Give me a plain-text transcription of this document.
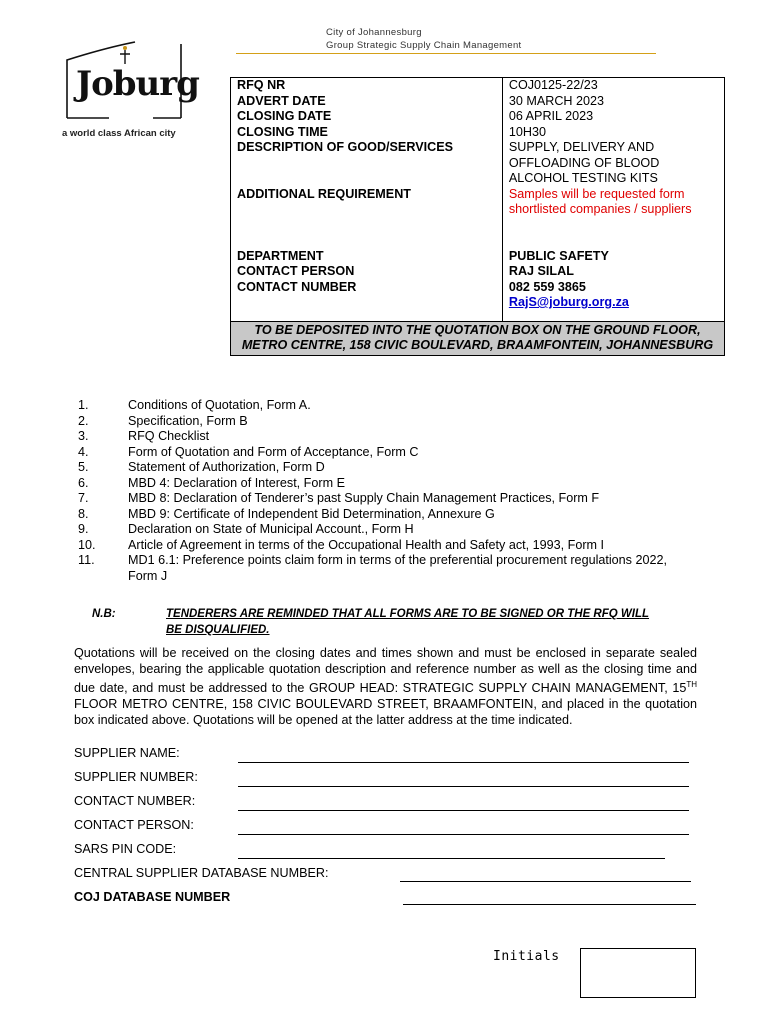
City of Johannesburg
Group Strategic Supply Chain Management
Joburg
a world class African city
RFQ NR	COJ0125-22/23
ADVERT DATE	30 MARCH 2023
CLOSING DATE	06 APRIL 2023
CLOSING TIME	10H30
DESCRIPTION OF GOOD/SERVICES	SUPPLY, DELIVERY AND OFFLOADING OF BLOOD ALCOHOL TESTING KITS
ADDITIONAL REQUIREMENT	Samples will be requested form shortlisted companies / suppliers
DEPARTMENT	PUBLIC SAFETY
CONTACT PERSON	RAJ SILAL
CONTACT NUMBER	082 559 3865
RajS@joburg.org.za

TO BE DEPOSITED INTO THE QUOTATION BOX ON THE GROUND FLOOR, METRO CENTRE, 158 CIVIC BOULEVARD, BRAAMFONTEIN, JOHANNESBURG	
1.	Conditions of Quotation, Form A.
2.	Specification, Form B
3.	RFQ Checklist
4.	Form of Quotation and Form of Acceptance, Form C
5.	Statement of Authorization, Form D
6.	MBD 4: Declaration of Interest, Form E
7.	MBD 8: Declaration of Tenderer’s past Supply Chain Management Practices, Form F
8.	MBD 9: Certificate of Independent Bid Determination, Annexure G
9.	Declaration on State of Municipal Account., Form H
10.	Article of Agreement in terms of the Occupational Health and Safety act, 1993, Form I
11.	MD1 6.1: Preference points claim form in terms of the preferential procurement regulations 2022, Form J
N.B:	TENDERERS ARE REMINDED THAT ALL FORMS ARE TO BE SIGNED OR THE RFQ WILL BE DISQUALIFIED.
Quotations will be received on the closing dates and times shown and must be enclosed in separate sealed envelopes, bearing the applicable quotation description and reference number as well as the closing time and due date, and must be addressed to the GROUP HEAD: STRATEGIC SUPPLY CHAIN MANAGEMENT, 15TH FLOOR METRO CENTRE, 158 CIVIC BOULEVARD STREET, BRAAMFONTEIN, and placed in the quotation box indicated above. Quotations will be opened at the latter address at the time indicated.
SUPPLIER NAME:
SUPPLIER NUMBER:
CONTACT NUMBER:
CONTACT PERSON:
SARS PIN CODE:
CENTRAL SUPPLIER DATABASE NUMBER:
COJ DATABASE NUMBER
Initials
